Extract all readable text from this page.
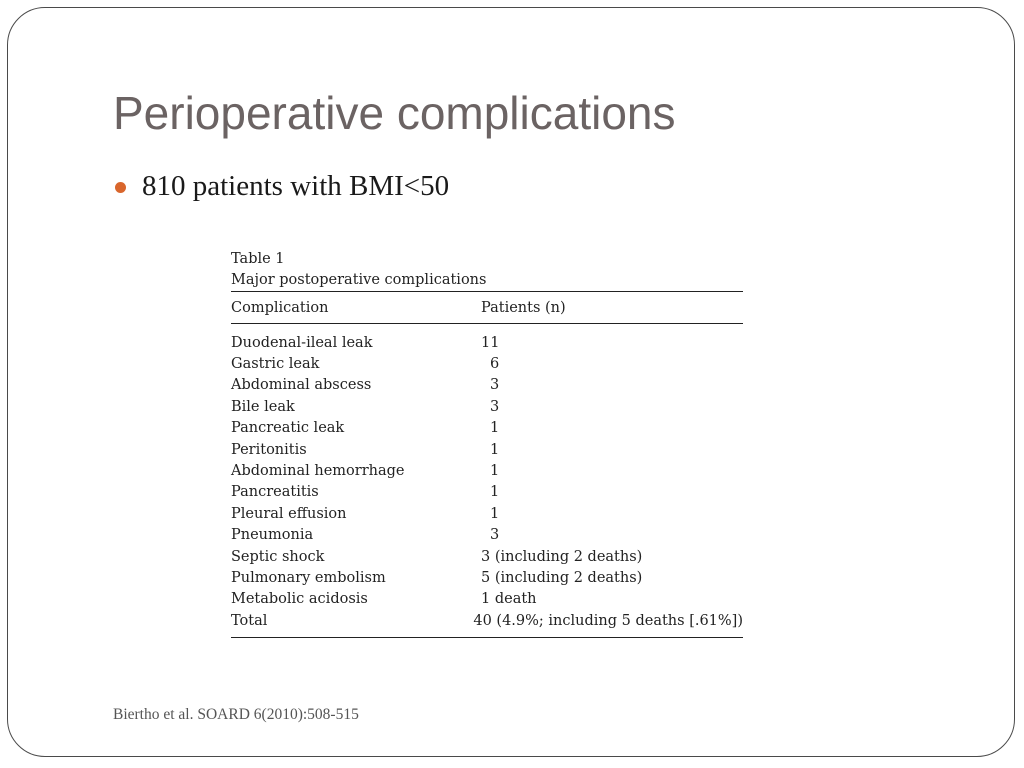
Perioperative complications
810 patients with BMI<50
Table 1
Major postoperative complications
Complication	Patients (n)
Duodenal-ileal leak	11
Gastric leak	6
Abdominal abscess	3
Bile leak	3
Pancreatic leak	1
Peritonitis	1
Abdominal hemorrhage	1
Pancreatitis	1
Pleural effusion	1
Pneumonia	3
Septic shock	3 (including 2 deaths)
Pulmonary embolism	5 (including 2 deaths)
Metabolic acidosis	1 death
Total	40 (4.9%; including 5 deaths [.61%])
Biertho et al. SOARD 6(2010):508-515
